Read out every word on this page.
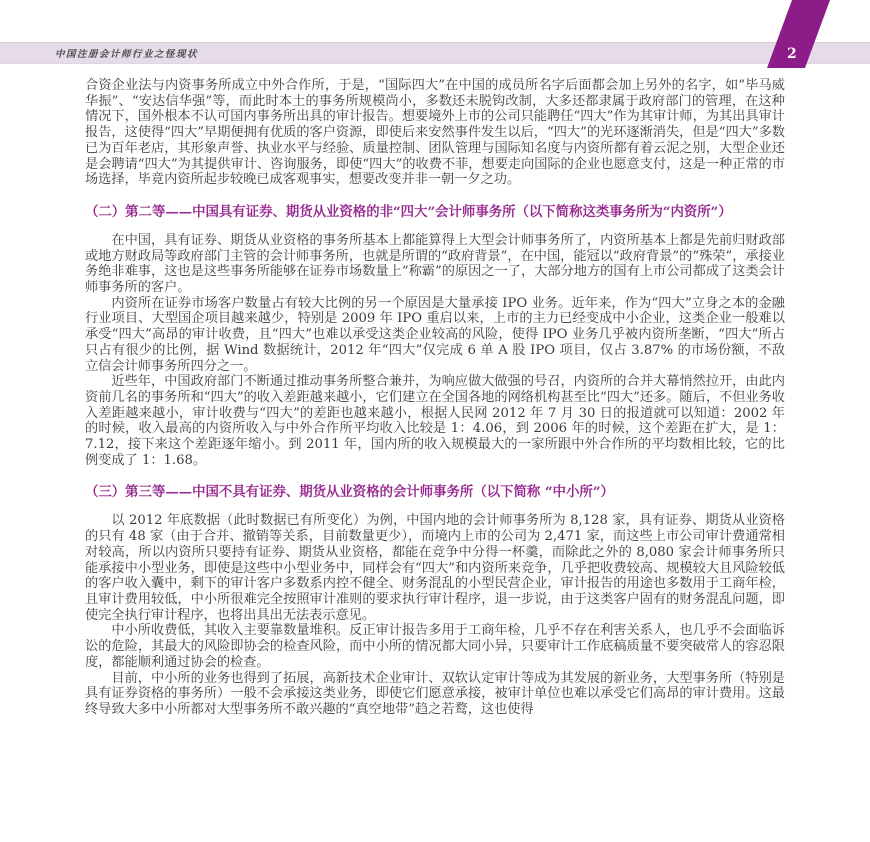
中国注册会计师行业之怪现状	2

合资企业法与内资事务所成立中外合作所，于是，“国际四大”在中国的成员所名字后面都会加上另外的名字，如“毕马威华振”、“安达信华强”等，而此时本土的事务所规模尚小，多数还未脱钩改制，大多还都隶属于政府部门的管理，在这种情况下，国外根本不认可国内事务所出具的审计报告。想要境外上市的公司只能聘任“四大”作为其审计师，为其出具审计报告，这使得“四大”早期便拥有优质的客户资源，即使后来安然事件发生以后，“四大”的光环逐渐消失，但是“四大”多数已为百年老店，其形象声誉、执业水平与经验、质量控制、团队管理与国际知名度与内资所都有着云泥之别，大型企业还是会聘请“四大”为其提供审计、咨询服务，即使“四大”的收费不菲，想要走向国际的企业也愿意支付，这是一种正常的市场选择，毕竟内资所起步较晚已成客观事实，想要改变并非一朝一夕之功。

（二）第二等——中国具有证券、期货从业资格的非“四大”会计师事务所（以下简称这类事务所为“内资所”）

在中国，具有证券、期货从业资格的事务所基本上都能算得上大型会计师事务所了，内资所基本上都是先前归财政部或地方财政局等政府部门主管的会计师事务所，也就是所谓的“政府背景”，在中国，能冠以“政府背景”的“殊荣”，承接业务绝非难事，这也是这些事务所能够在证券市场数量上“称霸”的原因之一了，大部分地方的国有上市公司都成了这类会计师事务所的客户。

内资所在证券市场客户数量占有较大比例的另一个原因是大量承接 IPO 业务。近年来，作为“四大”立身之本的金融行业项目、大型国企项目越来越少，特别是 2009 年 IPO 重启以来，上市的主力已经变成中小企业，这类企业一般难以承受“四大”高昂的审计收费，且“四大”也难以承受这类企业较高的风险，使得 IPO 业务几乎被内资所垄断，“四大”所占只占有很少的比例，据 Wind 数据统计，2012 年“四大”仅完成 6 单 A 股 IPO 项目，仅占 3.87% 的市场份额，不敌立信会计师事务所四分之一。

近些年，中国政府部门不断通过推动事务所整合兼并，为响应做大做强的号召，内资所的合并大幕悄然拉开，由此内资前几名的事务所和“四大”的收入差距越来越小，它们建立在全国各地的网络机构甚至比“四大”还多。随后，不但业务收入差距越来越小，审计收费与“四大”的差距也越来越小，根据人民网 2012 年 7 月 30 日的报道就可以知道：2002 年的时候，收入最高的内资所收入与中外合作所平均收入比较是 1：4.06，到 2006 年的时候，这个差距在扩大，是 1：7.12，接下来这个差距逐年缩小。到 2011 年，国内所的收入规模最大的一家所跟中外合作所的平均数相比较，它的比例变成了 1：1.68。

（三）第三等——中国不具有证券、期货从业资格的会计师事务所（以下简称 “中小所”）

以 2012 年底数据（此时数据已有所变化）为例，中国内地的会计师事务所为 8,128 家，具有证券、期货从业资格的只有 48 家（由于合并、撤销等关系，目前数量更少），而境内上市的公司为 2,471 家，而这些上市公司审计费通常相对较高，所以内资所只要持有证券、期货从业资格，都能在竞争中分得一杯羹，而除此之外的 8,080 家会计师事务所只能承接中小型业务，即使是这些中小型业务中，同样会有“四大”和内资所来竞争，几乎把收费较高、规模较大且风险较低的客户收入囊中，剩下的审计客户多数系内控不健全、财务混乱的小型民营企业，审计报告的用途也多数用于工商年检，且审计费用较低，中小所很难完全按照审计准则的要求执行审计程序，退一步说，由于这类客户固有的财务混乱问题，即使完全执行审计程序，也将出具出无法表示意见。

中小所收费低，其收入主要靠数量堆积。反正审计报告多用于工商年检，几乎不存在利害关系人，也几乎不会面临诉讼的危险，其最大的风险即协会的检查风险，而中小所的情况都大同小异，只要审计工作底稿质量不要突破常人的容忍限度，都能顺利通过协会的检查。

目前，中小所的业务也得到了拓展，高新技术企业审计、双软认定审计等成为其发展的新业务，大型事务所（特别是具有证券资格的事务所）一般不会承接这类业务，即使它们愿意承接，被审计单位也难以承受它们高昂的审计费用。这最终导致大多中小所都对大型事务所不敢兴趣的“真空地带”趋之若鹜，这也使得
